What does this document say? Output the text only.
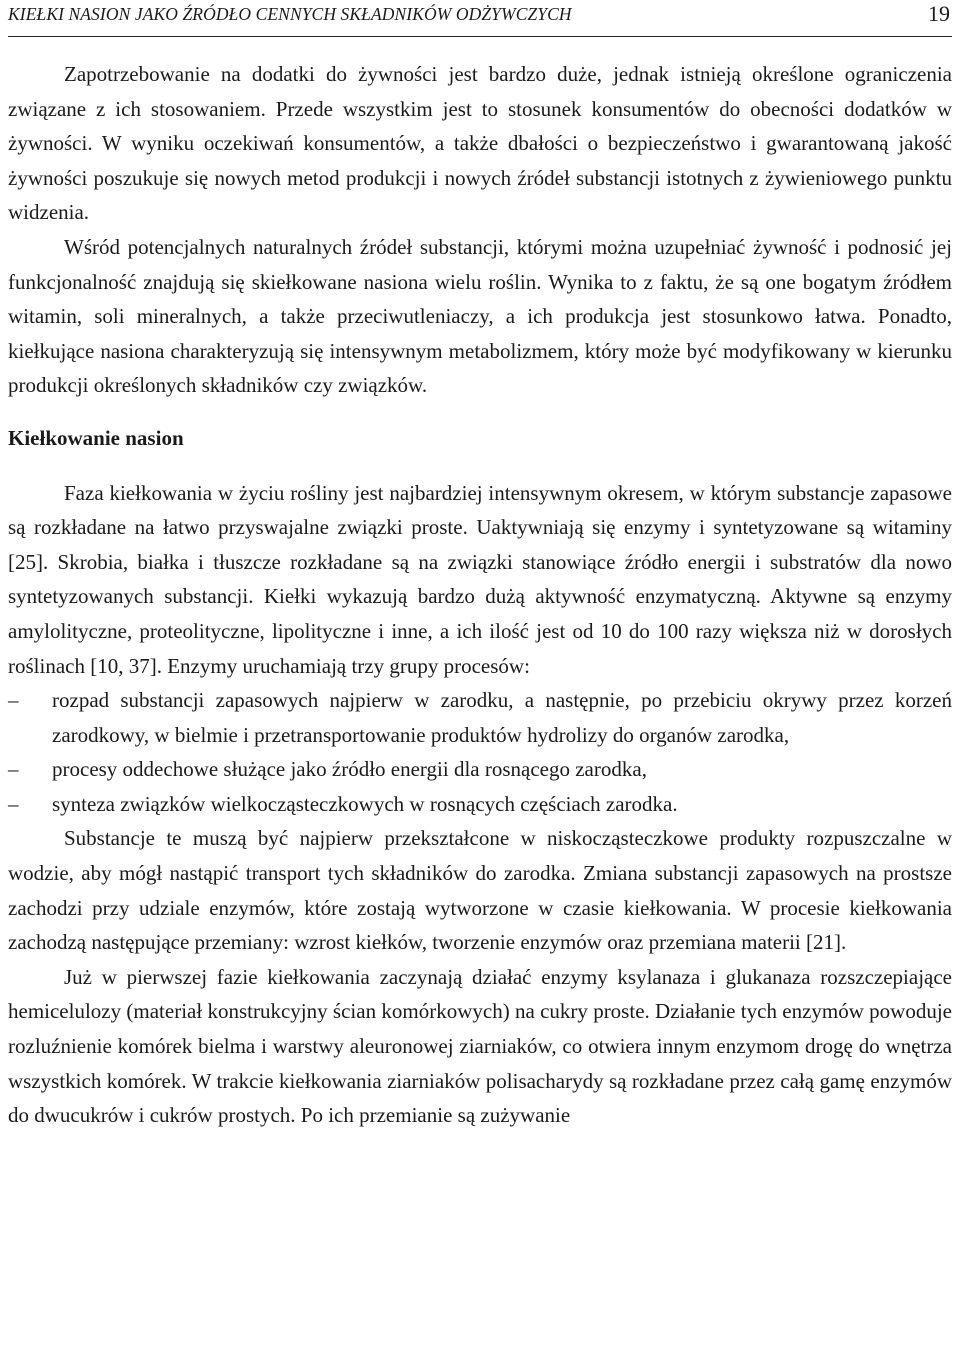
KIEŁKI NASION JAKO ŹRÓDŁO CENNYCH SKŁADNIKÓW ODŻYWCZYCH	19

Zapotrzebowanie na dodatki do żywności jest bardzo duże, jednak istnieją określone ograniczenia związane z ich stosowaniem. Przede wszystkim jest to stosunek konsumentów do obecności dodatków w żywności. W wyniku oczekiwań konsumentów, a także dbałości o bezpieczeństwo i gwarantowaną jakość żywności poszukuje się nowych metod produkcji i nowych źródeł substancji istotnych z żywieniowego punktu widzenia.

Wśród potencjalnych naturalnych źródeł substancji, którymi można uzupełniać żywność i podnosić jej funkcjonalność znajdują się skiełkowane nasiona wielu roślin. Wynika to z faktu, że są one bogatym źródłem witamin, soli mineralnych, a także przeciwutleniaczy, a ich produkcja jest stosunkowo łatwa. Ponadto, kiełkujące nasiona charakteryzują się intensywnym metabolizmem, który może być modyfikowany w kierunku produkcji określonych składników czy związków.

Kiełkowanie nasion

Faza kiełkowania w życiu rośliny jest najbardziej intensywnym okresem, w którym substancje zapasowe są rozkładane na łatwo przyswajalne związki proste. Uaktywniają się enzymy i syntetyzowane są witaminy [25]. Skrobia, białka i tłuszcze rozkładane są na związki stanowiące źródło energii i substratów dla nowo syntetyzowanych substancji. Kiełki wykazują bardzo dużą aktywność enzymatyczną. Aktywne są enzymy amylolityczne, proteolityczne, lipolityczne i inne, a ich ilość jest od 10 do 100 razy większa niż w dorosłych roślinach [10, 37]. Enzymy uruchamiają trzy grupy procesów:

– rozpad substancji zapasowych najpierw w zarodku, a następnie, po przebiciu okrywy przez korzeń zarodkowy, w bielmie i przetransportowanie produktów hydrolizy do organów zarodka,
– procesy oddechowe służące jako źródło energii dla rosnącego zarodka,
– synteza związków wielkocząsteczkowych w rosnących częściach zarodka.

Substancje te muszą być najpierw przekształcone w niskocząsteczkowe produkty rozpuszczalne w wodzie, aby mógł nastąpić transport tych składników do zarodka. Zmiana substancji zapasowych na prostsze zachodzi przy udziale enzymów, które zostają wytworzone w czasie kiełkowania. W procesie kiełkowania zachodzą następujące przemiany: wzrost kiełków, tworzenie enzymów oraz przemiana materii [21].

Już w pierwszej fazie kiełkowania zaczynają działać enzymy ksylanaza i glukanaza rozszczepiające hemicelulozy (materiał konstrukcyjny ścian komórkowych) na cukry proste. Działanie tych enzymów powoduje rozluźnienie komórek bielma i warstwy aleuronowej ziarniaków, co otwiera innym enzymom drogę do wnętrza wszystkich komórek. W trakcie kiełkowania ziarniaków polisacharydy są rozkładane przez całą gamę enzymów do dwucukrów i cukrów prostych. Po ich przemianie są zużywanie
